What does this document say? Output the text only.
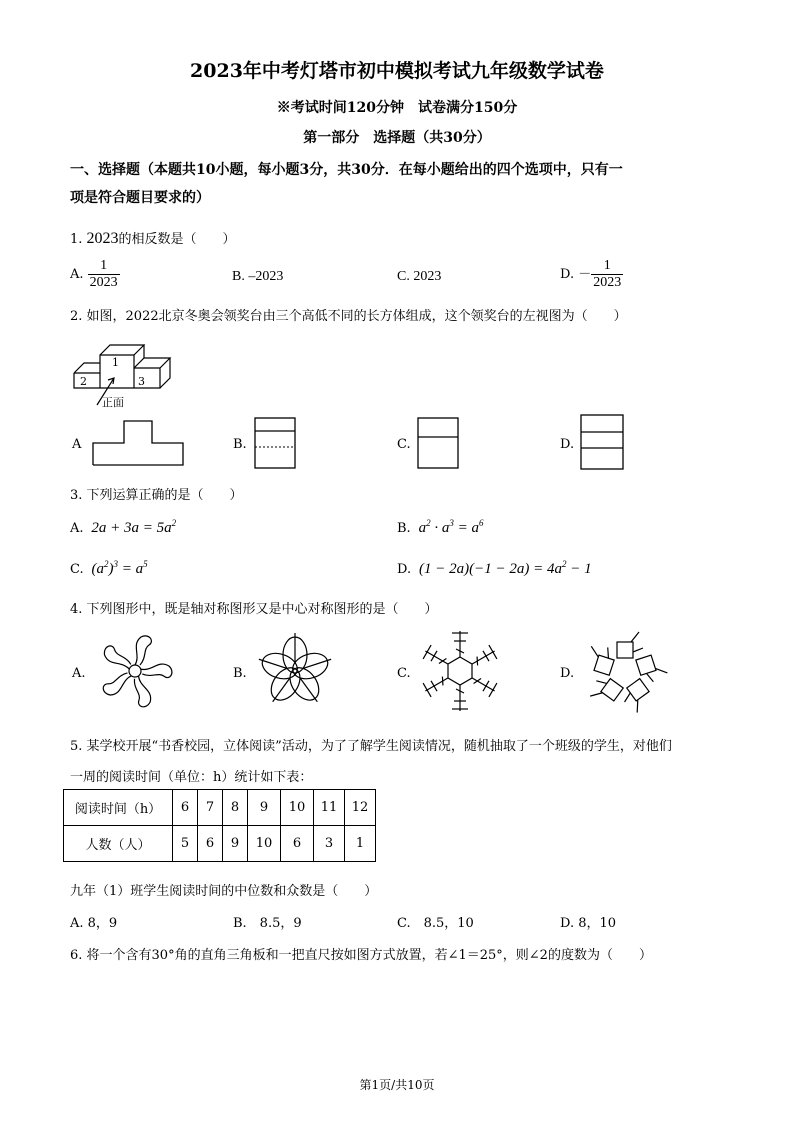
2023年中考灯塔市初中模拟考试九年级数学试卷
※考试时间120分钟　试卷满分150分
第一部分　选择题（共30分）
一、选择题（本题共10小题，每小题3分，共30分．在每小题给出的四个选项中，只有一
项是符合题目要求的）
1. 2023的相反数是（　　）
A. $\frac{1}{2023}$	B. –2023	C. 2023	D. － $\frac{1}{2023}$
2. 如图，2022北京冬奥会领奖台由三个高低不同的长方体组成，这个领奖台的左视图为（　　）
1
2	3
正面
A	B.	C.	D.
3. 下列运算正确的是（　　）
A.  $2a + 3a = 5a^2$	B.  $a^2 \cdot a^3 = a^6$
C.  $(a^2)^3 = a^5$	D.  $(1 - 2a)(-1 - 2a) = 4a^2 - 1$
4. 下列图形中，既是轴对称图形又是中心对称图形的是（　　）
A.	B.	C.	D.
5. 某学校开展“书香校园，立体阅读”活动，为了了解学生阅读情况，随机抽取了一个班级的学生，对他们
一周的阅读时间（单位：h）统计如下表：
阅读时间（h）	6	7	8	9	10	11	12
人数（人）	5	6	9	10	6	3	1
九年（1）班学生阅读时间的中位数和众数是（　　）
A. 8，9	B.　8.5，9	C.　8.5，10	D. 8，10
6. 将一个含有30°角的直角三角板和一把直尺按如图方式放置，若∠1＝25°，则∠2的度数为（　　）
第1页/共10页
